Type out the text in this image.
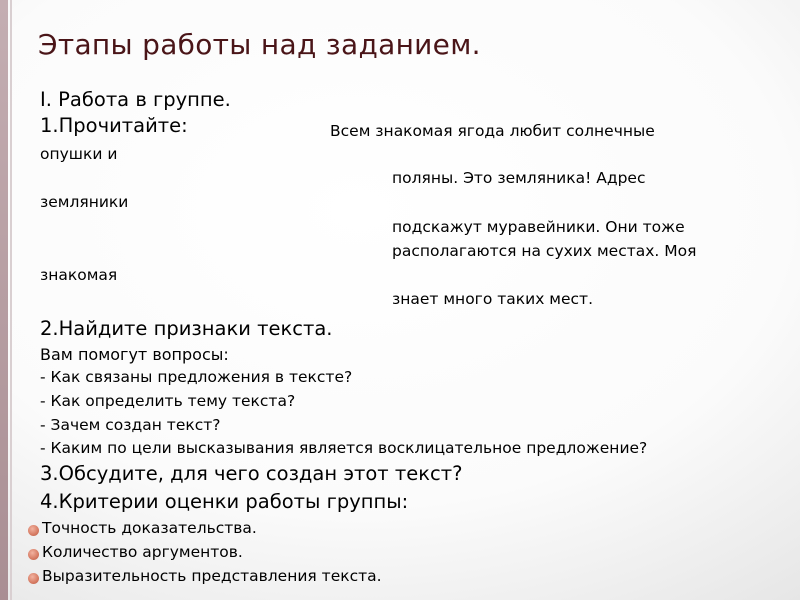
Этапы работы над заданием.
I. Работа в группе.
1.Прочитайте:	Всем знакомая ягода любит солнечные
опушки и
поляны. Это земляника! Адрес
земляники
подскажут муравейники. Они тоже
располагаются на сухих местах. Моя
знакомая
знает много таких мест.
2.Найдите признаки текста.
Вам помогут вопросы:
- Как связаны предложения в тексте?
- Как определить тему текста?
- Зачем создан текст?
- Каким по цели высказывания является восклицательное предложение?
3.Обсудите, для чего создан этот текст?
4.Критерии оценки работы группы:
Точность доказательства.
Количество аргументов.
Выразительность представления текста.
